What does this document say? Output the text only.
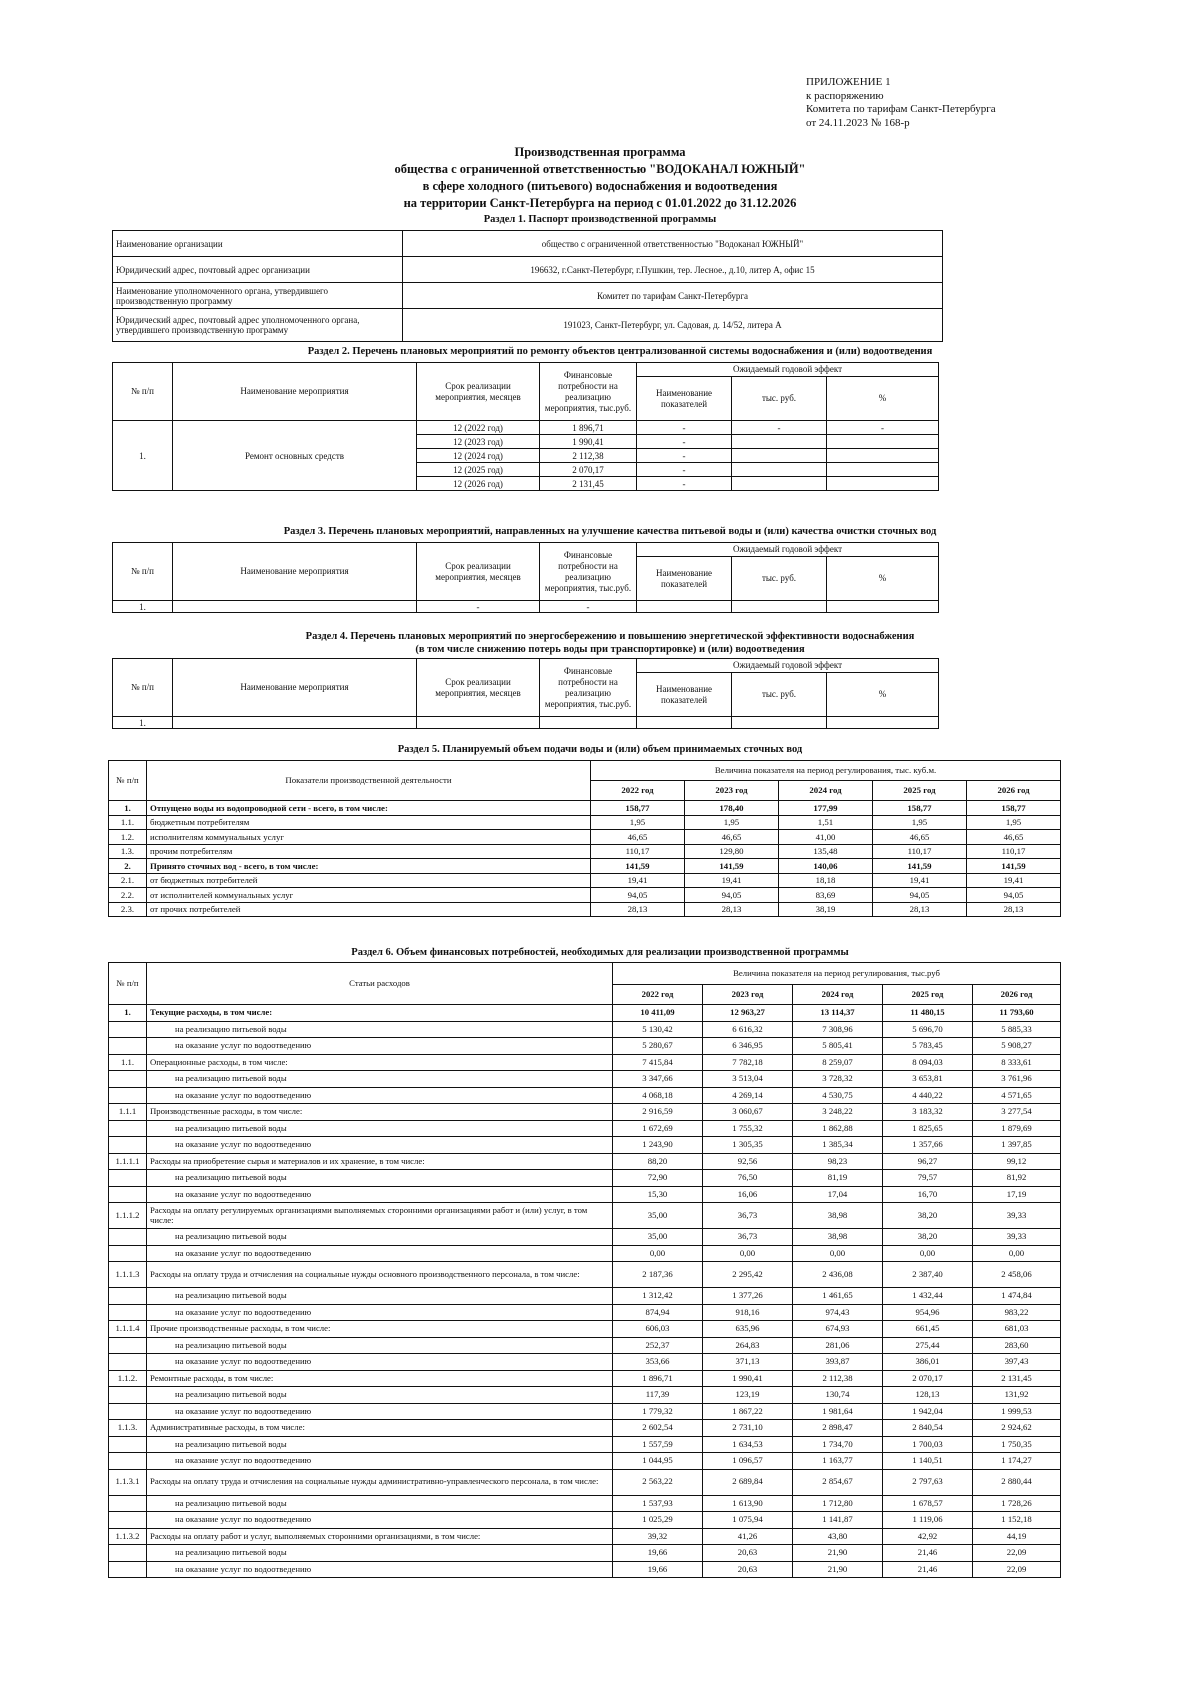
ПРИЛОЖЕНИЕ 1
к распоряжению
Комитета по тарифам Санкт-Петербурга
от 24.11.2023 № 168-р
Производственная программа
общества с ограниченной ответственностью "ВОДОКАНАЛ ЮЖНЫЙ"
в сфере холодного (питьевого) водоснабжения и водоотведения
на территории Санкт-Петербурга на период с 01.01.2022 до 31.12.2026
Раздел 1. Паспорт производственной программы
Наименование организации	общество с ограниченной ответственностью "Водоканал ЮЖНЫЙ"
Юридический адрес, почтовый адрес организации	196632, г.Санкт-Петербург, г.Пушкин, тер. Лесное., д.10, литер А, офис 15
Наименование уполномоченного органа, утвердившего производственную программу	Комитет по тарифам Санкт-Петербурга
Юридический адрес, почтовый адрес уполномоченного органа, утвердившего производственную программу	191023, Санкт-Петербург, ул. Садовая, д. 14/52, литера А
Раздел 2. Перечень плановых мероприятий по ремонту объектов централизованной системы водоснабжения и (или) водоотведения
№ п/п	Наименование мероприятия	Срок реализации мероприятия, месяцев	Финансовые потребности на реализацию мероприятия, тыс.руб.	Ожидаемый годовой эффект		
				Наименование показателей	тыс. руб.	%
1.	Ремонт основных средств	12 (2022 год)	1 896,71	-	-	-
		12 (2023 год)	1 990,41	-		
		12 (2024 год)	2 112,38	-		
		12 (2025 год)	2 070,17	-		
		12 (2026 год)	2 131,45	-		
Раздел 3. Перечень плановых мероприятий, направленных на улучшение качества питьевой воды и (или) качества очистки сточных вод
№ п/п	Наименование мероприятия	Срок реализации мероприятия, месяцев	Финансовые потребности на реализацию мероприятия, тыс.руб.	Ожидаемый годовой эффект		
				Наименование показателей	тыс. руб.	%
1.		-	-			
Раздел 4. Перечень плановых мероприятий по энергосбережению и повышению энергетической эффективности водоснабжения
(в том числе снижению потерь воды при транспортировке) и (или) водоотведения
№ п/п	Наименование мероприятия	Срок реализации мероприятия, месяцев	Финансовые потребности на реализацию мероприятия, тыс.руб.	Ожидаемый годовой эффект		
				Наименование показателей	тыс. руб.	%
1.						
Раздел 5. Планируемый объем подачи воды и (или) объем принимаемых сточных вод
№ п/п	Показатели производственной деятельности	Величина показателя на период регулирования, тыс. куб.м.				
		2022 год	2023 год	2024 год	2025 год	2026 год
1.	Отпущено воды из водопроводной сети - всего, в том числе:	158,77	178,40	177,99	158,77	158,77
1.1.	бюджетным потребителям	1,95	1,95	1,51	1,95	1,95
1.2.	исполнителям коммунальных услуг	46,65	46,65	41,00	46,65	46,65
1.3.	прочим потребителям	110,17	129,80	135,48	110,17	110,17
2.	Принято сточных вод - всего, в том числе:	141,59	141,59	140,06	141,59	141,59
2.1.	от бюджетных потребителей	19,41	19,41	18,18	19,41	19,41
2.2.	от исполнителей коммунальных услуг	94,05	94,05	83,69	94,05	94,05
2.3.	от прочих потребителей	28,13	28,13	38,19	28,13	28,13
Раздел 6. Объем финансовых потребностей, необходимых для реализации производственной программы
№ п/п	Статьи расходов	Величина показателя на период регулирования, тыс.руб				
		2022 год	2023 год	2024 год	2025 год	2026 год
1.	Текущие расходы, в том числе:	10 411,09	12 963,27	13 114,37	11 480,15	11 793,60
	на реализацию питьевой воды	5 130,42	6 616,32	7 308,96	5 696,70	5 885,33
	на оказание услуг по водоотведению	5 280,67	6 346,95	5 805,41	5 783,45	5 908,27
1.1.	Операционные расходы, в том числе:	7 415,84	7 782,18	8 259,07	8 094,03	8 333,61
	на реализацию питьевой воды	3 347,66	3 513,04	3 728,32	3 653,81	3 761,96
	на оказание услуг по водоотведению	4 068,18	4 269,14	4 530,75	4 440,22	4 571,65
1.1.1	Производственные расходы, в том числе:	2 916,59	3 060,67	3 248,22	3 183,32	3 277,54
	на реализацию питьевой воды	1 672,69	1 755,32	1 862,88	1 825,65	1 879,69
	на оказание услуг по водоотведению	1 243,90	1 305,35	1 385,34	1 357,66	1 397,85
1.1.1.1	Расходы на приобретение сырья и материалов и их хранение, в том числе:	88,20	92,56	98,23	96,27	99,12
	на реализацию питьевой воды	72,90	76,50	81,19	79,57	81,92
	на оказание услуг по водоотведению	15,30	16,06	17,04	16,70	17,19
1.1.1.2	Расходы на оплату регулируемых организациями выполняемых сторонними организациями работ и (или) услуг, в том числе:	35,00	36,73	38,98	38,20	39,33
	на реализацию питьевой воды	35,00	36,73	38,98	38,20	39,33
	на оказание услуг по водоотведению	0,00	0,00	0,00	0,00	0,00
1.1.1.3	Расходы на оплату труда и отчисления на социальные нужды основного производственного персонала, в том числе:	2 187,36	2 295,42	2 436,08	2 387,40	2 458,06
	на реализацию питьевой воды	1 312,42	1 377,26	1 461,65	1 432,44	1 474,84
	на оказание услуг по водоотведению	874,94	918,16	974,43	954,96	983,22
1.1.1.4	Прочие производственные расходы, в том числе:	606,03	635,96	674,93	661,45	681,03
	на реализацию питьевой воды	252,37	264,83	281,06	275,44	283,60
	на оказание услуг по водоотведению	353,66	371,13	393,87	386,01	397,43
1.1.2.	Ремонтные расходы, в том числе:	1 896,71	1 990,41	2 112,38	2 070,17	2 131,45
	на реализацию питьевой воды	117,39	123,19	130,74	128,13	131,92
	на оказание услуг по водоотведению	1 779,32	1 867,22	1 981,64	1 942,04	1 999,53
1.1.3.	Административные расходы, в том числе:	2 602,54	2 731,10	2 898,47	2 840,54	2 924,62
	на реализацию питьевой воды	1 557,59	1 634,53	1 734,70	1 700,03	1 750,35
	на оказание услуг по водоотведению	1 044,95	1 096,57	1 163,77	1 140,51	1 174,27
1.1.3.1	Расходы на оплату труда и отчисления на социальные нужды административно-управленческого персонала, в том числе:	2 563,22	2 689,84	2 854,67	2 797,63	2 880,44
	на реализацию питьевой воды	1 537,93	1 613,90	1 712,80	1 678,57	1 728,26
	на оказание услуг по водоотведению	1 025,29	1 075,94	1 141,87	1 119,06	1 152,18
1.1.3.2	Расходы на оплату работ и услуг, выполняемых сторонними организациями, в том числе:	39,32	41,26	43,80	42,92	44,19
	на реализацию питьевой воды	19,66	20,63	21,90	21,46	22,09
	на оказание услуг по водоотведению	19,66	20,63	21,90	21,46	22,09
